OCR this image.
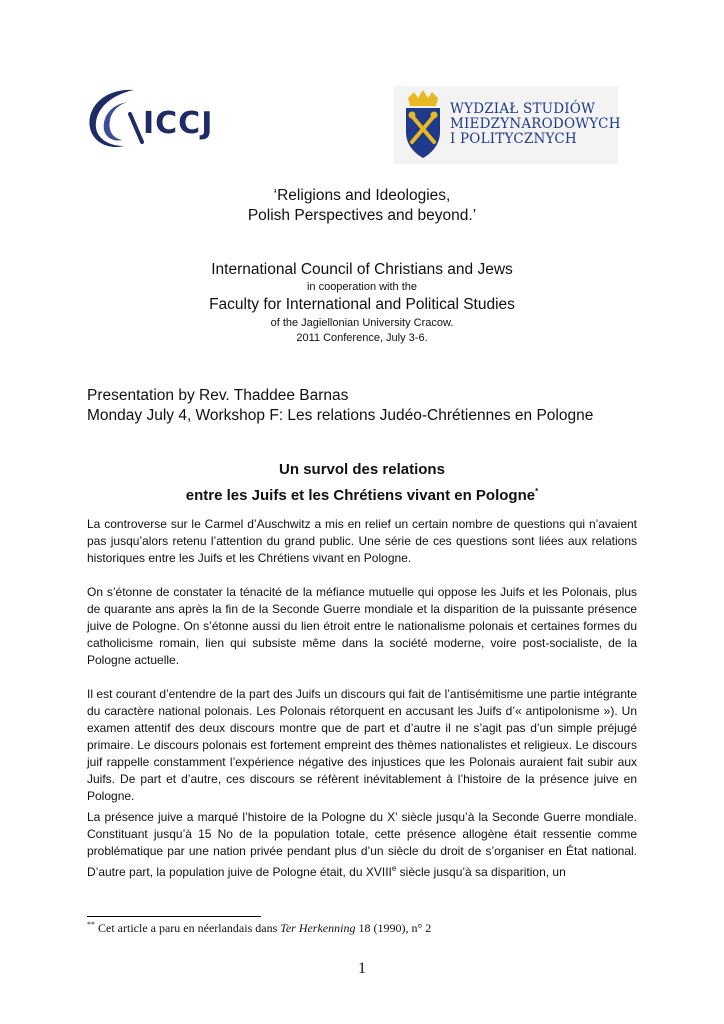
ICCJ	WYDZIAŁ STUDIÓW
MIEDZYNARODOWYCH
I POLITYCZNYCH
‘Religions and Ideologies,
Polish Perspectives and beyond.’
International Council of Christians and Jews
in cooperation with the
Faculty for International and Political Studies
of the Jagiellonian University Cracow.
2011 Conference, July 3-6.
Presentation by Rev. Thaddee Barnas
Monday July 4, Workshop F: Les relations Judéo-Chrétiennes en Pologne
Un survol des relations
entre les Juifs et les Chrétiens vivant en Pologne*
La controverse sur le Carmel d’Auschwitz a mis en relief un certain nombre de questions qui n’avaient pas jusqu’alors retenu l’attention du grand public. Une série de ces questions sont liées aux relations historiques entre les Juifs et les Chrétiens vivant en Pologne.
On s’étonne de constater la ténacité de la méfiance mutuelle qui oppose les Juifs et les Polonais, plus de quarante ans après la fin de la Seconde Guerre mondiale et la disparition de la puissante présence juive de Pologne. On s’étonne aussi du lien étroit entre le nationalisme polonais et certaines formes du catholicisme romain, lien qui subsiste même dans la société moderne, voire post-socialiste, de la Pologne actuelle.
Il est courant d’entendre de la part des Juifs un discours qui fait de l’antisémitisme une partie intégrante du caractère national polonais. Les Polonais rétorquent en accusant les Juifs d’« antipolonisme »). Un examen attentif des deux discours montre que de part et d’autre il ne s’agit pas d’un simple préjugé primaire. Le discours polonais est fortement empreint des thèmes nationalistes et religieux. Le discours juif rappelle constamment l’expérience négative des injustices que les Polonais auraient fait subir aux Juifs. De part et d’autre, ces discours se réfèrent inévitablement à l’histoire de la présence juive en Pologne.
La présence juive a marqué l’histoire de la Pologne du X’ siècle jusqu’à la Seconde Guerre mondiale. Constituant jusqu’à 15 No de la population totale, cette présence allogène était ressentie comme problématique par une nation privée pendant plus d’un siècle du droit de s’organiser en État national. D’autre part, la population juive de Pologne était, du XVIIIe siècle jusqu’à sa disparition, un
** Cet article a paru en néerlandais dans Ter Herkenning 18 (1990), n° 2
1
